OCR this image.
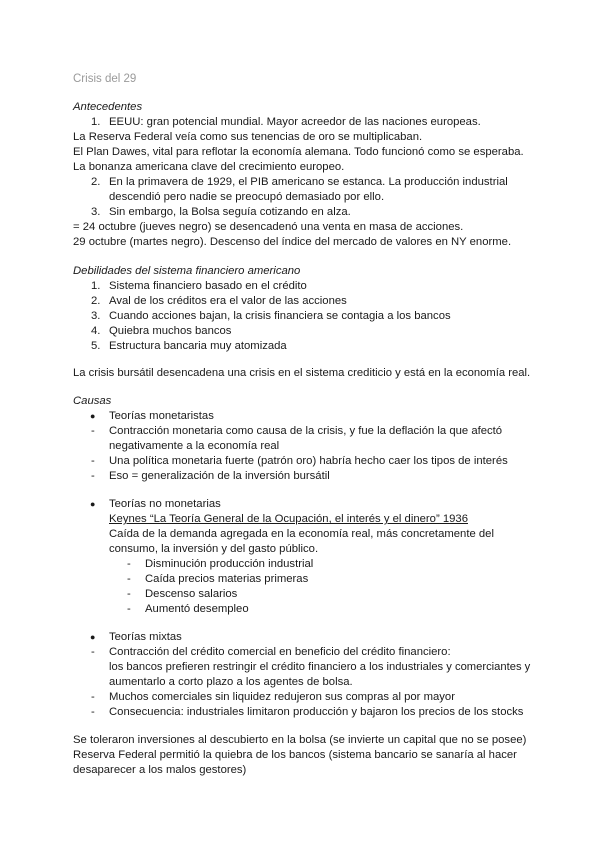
Crisis del 29
Antecedentes
1. EEUU: gran potencial mundial. Mayor acreedor de las naciones europeas.
La Reserva Federal veía como sus tenencias de oro se multiplicaban.
El Plan Dawes, vital para reflotar la economía alemana. Todo funcionó como se esperaba.
La bonanza americana clave del crecimiento europeo.
2. En la primavera de 1929, el PIB americano se estanca. La producción industrial
descendió pero nadie se preocupó demasiado por ello.
3. Sin embargo, la Bolsa seguía cotizando en alza.
= 24 octubre (jueves negro) se desencadenó una venta en masa de acciones.
29 octubre (martes negro). Descenso del índice del mercado de valores en NY enorme.
Debilidades del sistema financiero americano
1. Sistema financiero basado en el crédito
2. Aval de los créditos era el valor de las acciones
3. Cuando acciones bajan, la crisis financiera se contagia a los bancos
4. Quiebra muchos bancos
5. Estructura bancaria muy atomizada
La crisis bursátil desencadena una crisis en el sistema crediticio y está en la economía real.
Causas
● Teorías monetaristas
- Contracción monetaria como causa de la crisis, y fue la deflación la que afectó
negativamente a la economía real
- Una política monetaria fuerte (patrón oro) habría hecho caer los tipos de interés
- Eso = generalización de la inversión bursátil
● Teorías no monetarias
Keynes “La Teoría General de la Ocupación, el interés y el dinero” 1936
Caída de la demanda agregada en la economía real, más concretamente del
consumo, la inversión y del gasto público.
- Disminución producción industrial
- Caída precios materias primeras
- Descenso salarios
- Aumentó desempleo
● Teorías mixtas
- Contracción del crédito comercial en beneficio del crédito financiero:
los bancos prefieren restringir el crédito financiero a los industriales y comerciantes y
aumentarlo a corto plazo a los agentes de bolsa.
- Muchos comerciales sin liquidez redujeron sus compras al por mayor
- Consecuencia: industriales limitaron producción y bajaron los precios de los stocks
Se toleraron inversiones al descubierto en la bolsa (se invierte un capital que no se posee)
Reserva Federal permitió la quiebra de los bancos (sistema bancario se sanaría al hacer
desaparecer a los malos gestores)
